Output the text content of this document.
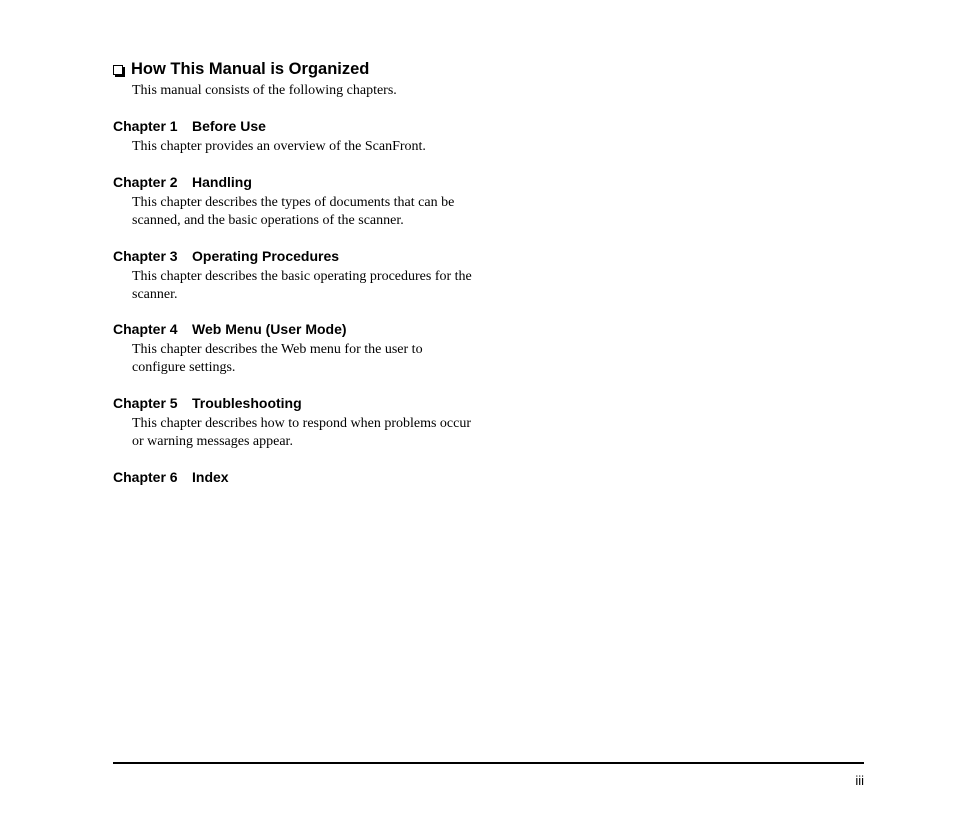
How This Manual is Organized
This manual consists of the following chapters.
Chapter 1 Before Use
This chapter provides an overview of the ScanFront.
Chapter 2 Handling
This chapter describes the types of documents that can be scanned, and the basic operations of the scanner.
Chapter 3 Operating Procedures
This chapter describes the basic operating procedures for the scanner.
Chapter 4 Web Menu (User Mode)
This chapter describes the Web menu for the user to configure settings.
Chapter 5 Troubleshooting
This chapter describes how to respond when problems occur or warning messages appear.
Chapter 6 Index
iii
